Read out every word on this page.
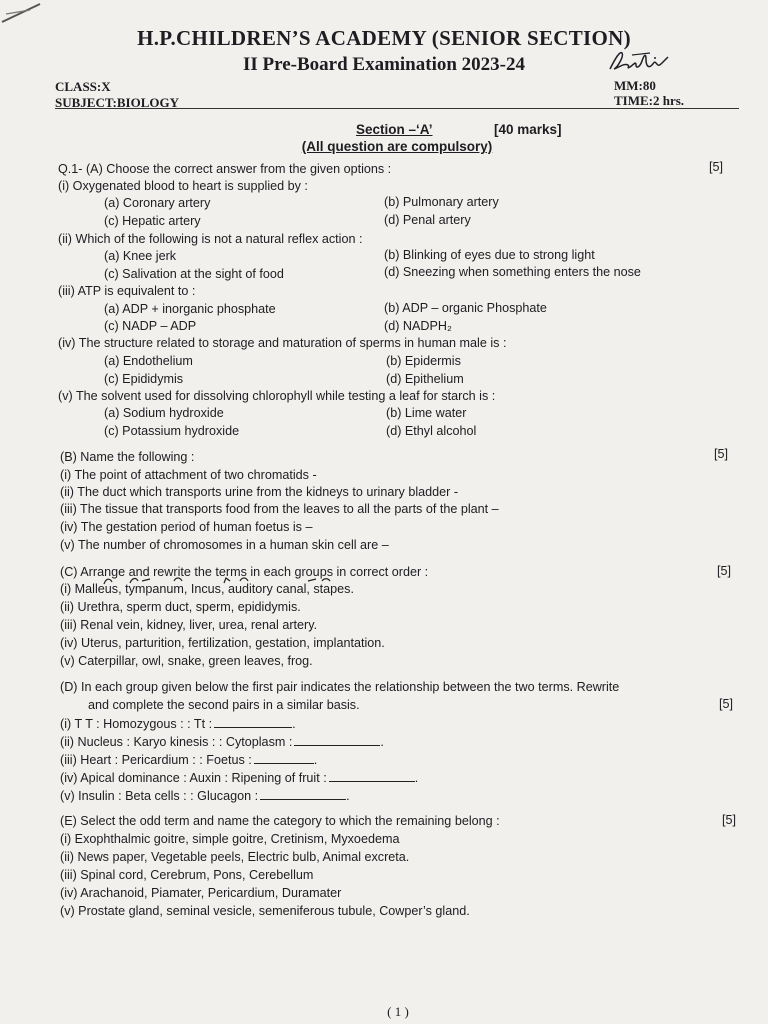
H.P.CHILDREN’S ACADEMY (SENIOR SECTION)
II Pre-Board Examination 2023-24
CLASS:X
SUBJECT:BIOLOGY
MM:80
TIME:2 hrs.
Section –‘A’	[40 marks]
(All question are compulsory)
Q.1- (A) Choose the correct answer from the given options :	[5]
(i) Oxygenated blood to heart is supplied by :
(a) Coronary artery	(b) Pulmonary artery
(c) Hepatic artery	(d) Penal artery
(ii) Which of the following is not a natural reflex action :
(a) Knee jerk	(b) Blinking of eyes due to strong light
(c) Salivation at the sight of food	(d) Sneezing when something enters the nose
(iii) ATP is equivalent to :
(a) ADP + inorganic phosphate	(b) ADP – organic Phosphate
(c) NADP – ADP	(d) NADPH₂
(iv) The structure related to storage and maturation of sperms in human male is :
(a) Endothelium	(b) Epidermis
(c) Epididymis	(d) Epithelium
(v) The solvent used for dissolving chlorophyll while testing a leaf for starch is :
(a) Sodium hydroxide	(b) Lime water
(c) Potassium hydroxide	(d) Ethyl alcohol
(B) Name the following :	[5]
(i) The point of attachment of two chromatids -
(ii) The duct which transports urine from the kidneys to urinary bladder -
(iii) The tissue that transports food from the leaves to all the parts of the plant –
(iv) The gestation period of human foetus is –
(v) The number of chromosomes in a human skin cell are –
(C) Arrange and rewrite the terms in each groups in correct order :	[5]
(i) Malleus, tympanum, Incus, auditory canal, stapes.
(ii) Urethra, sperm duct, sperm, epididymis.
(iii) Renal vein, kidney, liver, urea, renal artery.
(iv) Uterus, parturition, fertilization, gestation, implantation.
(v) Caterpillar, owl, snake, green leaves, frog.
(D) In each group given below the first pair indicates the relationship between the two terms. Rewrite
and complete the second pairs in a similar basis.	[5]
(i) T T : Homozygous : : Tt :	.
(ii) Nucleus : Karyo kinesis : : Cytoplasm :	.
(iii) Heart : Pericardium : : Foetus :	.
(iv) Apical dominance : Auxin : Ripening of fruit :	.
(v) Insulin : Beta cells : : Glucagon :	.
(E) Select the odd term and name the category to which the remaining belong :	[5]
(i) Exophthalmic goitre, simple goitre, Cretinism, Myxoedema
(ii) News paper, Vegetable peels, Electric bulb, Animal excreta.
(iii) Spinal cord, Cerebrum, Pons, Cerebellum
(iv) Arachanoid, Piamater, Pericardium, Duramater
(v) Prostate gland, seminal vesicle, semeniferous tubule, Cowper’s gland.
( 1 )
